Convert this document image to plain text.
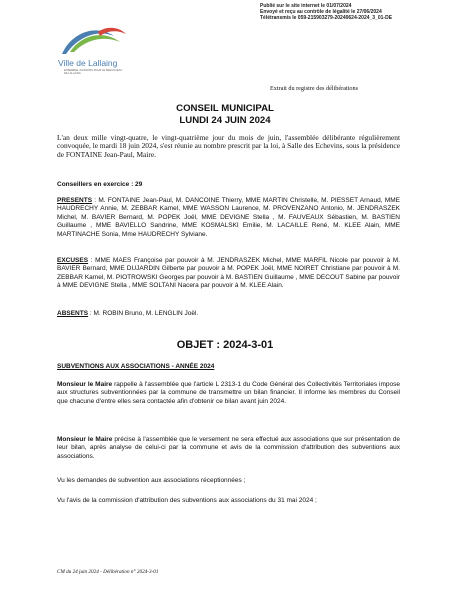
Publié sur le site internet le 01/07/2024
Envoyé et reçu au contrôle de légalité le 27/06/2024
Télétransmis le 059-215903279-20240624-2024_3_01-DE
Ville de Lallaing
ENSEMBLE, AGISSONS POUR LE RENOUVEAU DE LALLAING
Extrait du registre des délibérations
CONSEIL MUNICIPAL
LUNDI 24 JUIN 2024
L'an deux mille vingt-quatre, le vingt-quatrième jour du mois de juin, l'assemblée délibérante régulièrement convoquée, le mardi 18 juin 2024, s'est réunie au nombre prescrit par la loi, à Salle des Echevins, sous la présidence de FONTAINE Jean-Paul, Maire.
Conseillers en exercice : 29
PRESENTS : M. FONTAINE Jean-Paul, M. DANCOINE Thierry, MME MARTIN Christelle, M. PIESSET Arnaud, MME HAUDRECHY Annie, M. ZEBBAR Kamel, MME WASSON Laurence, M. PROVENZANO Antonio, M. JENDRASZEK Michel, M. BAVIER Bernard, M. POPEK Joël, MME DEVIGNE Stella , M. FAUVEAUX Sébastien, M. BASTIEN Guillaume , MME BAVIELLO Sandrine, MME KOSMALSKI Emilie, M. LACAILLE René, M. KLEE Alain, MME MARTINACHE Sonia, Mme HAUDRECHY Sylviane.
EXCUSES : MME MAES Françoise par pouvoir à M. JENDRASZEK Michel, MME MARFIL Nicole par pouvoir à M. BAVIER Bernard, MME DUJARDIN Gilberte par pouvoir à M. POPEK Joël, MME NOIRET Christiane par pouvoir à M. ZEBBAR Kamel, M. PIOTROWSKI Georges par pouvoir à M. BASTIEN Guillaume , MME DECOUT Sabine par pouvoir à MME DEVIGNE Stella , MME SOLTANI Nacera par pouvoir à M. KLEE Alain.
ABSENTS : M. ROBIN Bruno, M. LENGLIN Joël.
OBJET : 2024-3-01
SUBVENTIONS AUX ASSOCIATIONS - ANNÉE 2024
Monsieur le Maire rappelle à l'assemblée que l'article L 2313-1 du Code Général des Collectivités Territoriales impose aux structures subventionnées par la commune de transmettre un bilan financier. Il informe les membres du Conseil que chacune d'entre elles sera contactée afin d'obtenir ce bilan avant juin 2024.
Monsieur le Maire précise à l'assemblée que le versement ne sera effectué aux associations que sur présentation de leur bilan, après analyse de celui-ci par la commune et avis de la commission d'attribution des subventions aux associations.
Vu les demandes de subvention aux associations réceptionnées ;
Vu l'avis de la commission d'attribution des subventions aux associations du 31 mai 2024 ;
CM du 24 juin 2024 - Délibération n° 2024-3-01
